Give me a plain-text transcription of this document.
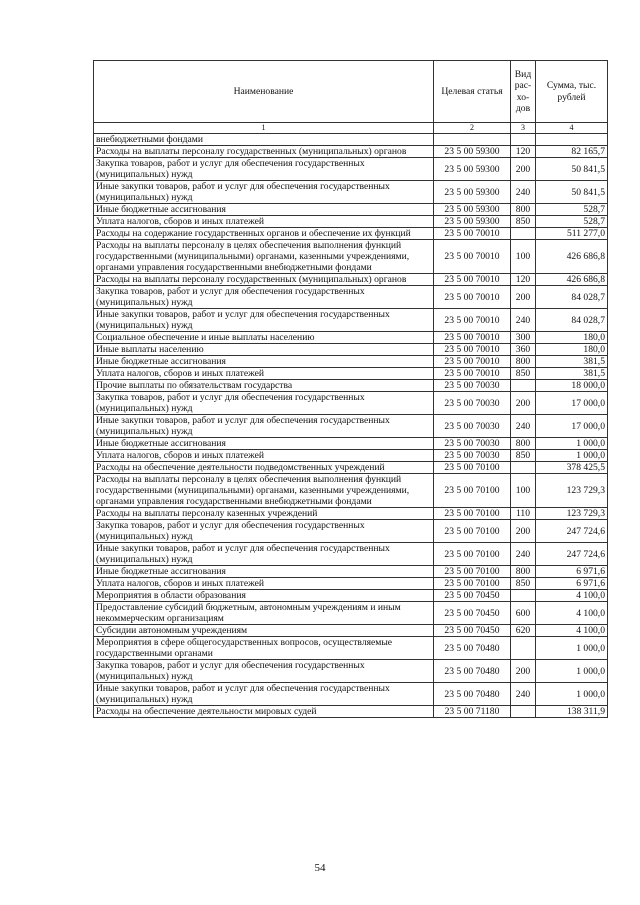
Наименование	Целевая статья	Вид рас-хо-дов	Сумма, тыс. рублей
1	2	3	4
внебюджетными фондами			
Расходы на выплаты персоналу государственных (муниципальных) органов	23 5 00 59300	120	82 165,7
Закупка товаров, работ и услуг для обеспечения государственных (муниципальных) нужд	23 5 00 59300	200	50 841,5
Иные закупки товаров, работ и услуг для обеспечения государственных (муниципальных) нужд	23 5 00 59300	240	50 841,5
Иные бюджетные ассигнования	23 5 00 59300	800	528,7
Уплата налогов, сборов и иных платежей	23 5 00 59300	850	528,7
Расходы на содержание государственных органов и обеспечение их функций	23 5 00 70010		511 277,0
Расходы на выплаты персоналу в целях обеспечения выполнения функций государственными (муниципальными) органами, казенными учреждениями, органами управления государственными внебюджетными фондами	23 5 00 70010	100	426 686,8
Расходы на выплаты персоналу государственных (муниципальных) органов	23 5 00 70010	120	426 686,8
Закупка товаров, работ и услуг для обеспечения государственных (муниципальных) нужд	23 5 00 70010	200	84 028,7
Иные закупки товаров, работ и услуг для обеспечения государственных (муниципальных) нужд	23 5 00 70010	240	84 028,7
Социальное обеспечение и иные выплаты населению	23 5 00 70010	300	180,0
Иные выплаты населению	23 5 00 70010	360	180,0
Иные бюджетные ассигнования	23 5 00 70010	800	381,5
Уплата налогов, сборов и иных платежей	23 5 00 70010	850	381,5
Прочие выплаты по обязательствам государства	23 5 00 70030		18 000,0
Закупка товаров, работ и услуг для обеспечения государственных (муниципальных) нужд	23 5 00 70030	200	17 000,0
Иные закупки товаров, работ и услуг для обеспечения государственных (муниципальных) нужд	23 5 00 70030	240	17 000,0
Иные бюджетные ассигнования	23 5 00 70030	800	1 000,0
Уплата налогов, сборов и иных платежей	23 5 00 70030	850	1 000,0
Расходы на обеспечение деятельности подведомственных учреждений	23 5 00 70100		378 425,5
Расходы на выплаты персоналу в целях обеспечения выполнения функций государственными (муниципальными) органами, казенными учреждениями, органами управления государственными внебюджетными фондами	23 5 00 70100	100	123 729,3
Расходы на выплаты персоналу казенных учреждений	23 5 00 70100	110	123 729,3
Закупка товаров, работ и услуг для обеспечения государственных (муниципальных) нужд	23 5 00 70100	200	247 724,6
Иные закупки товаров, работ и услуг для обеспечения государственных (муниципальных) нужд	23 5 00 70100	240	247 724,6
Иные бюджетные ассигнования	23 5 00 70100	800	6 971,6
Уплата налогов, сборов и иных платежей	23 5 00 70100	850	6 971,6
Мероприятия в области образования	23 5 00 70450		4 100,0
Предоставление субсидий бюджетным, автономным учреждениям и иным некоммерческим организациям	23 5 00 70450	600	4 100,0
Субсидии автономным учреждениям	23 5 00 70450	620	4 100,0
Мероприятия в сфере общегосударственных вопросов, осуществляемые государственными органами	23 5 00 70480		1 000,0
Закупка товаров, работ и услуг для обеспечения государственных (муниципальных) нужд	23 5 00 70480	200	1 000,0
Иные закупки товаров, работ и услуг для обеспечения государственных (муниципальных) нужд	23 5 00 70480	240	1 000,0
Расходы на обеспечение деятельности мировых судей	23 5 00 71180		138 311,9
54
